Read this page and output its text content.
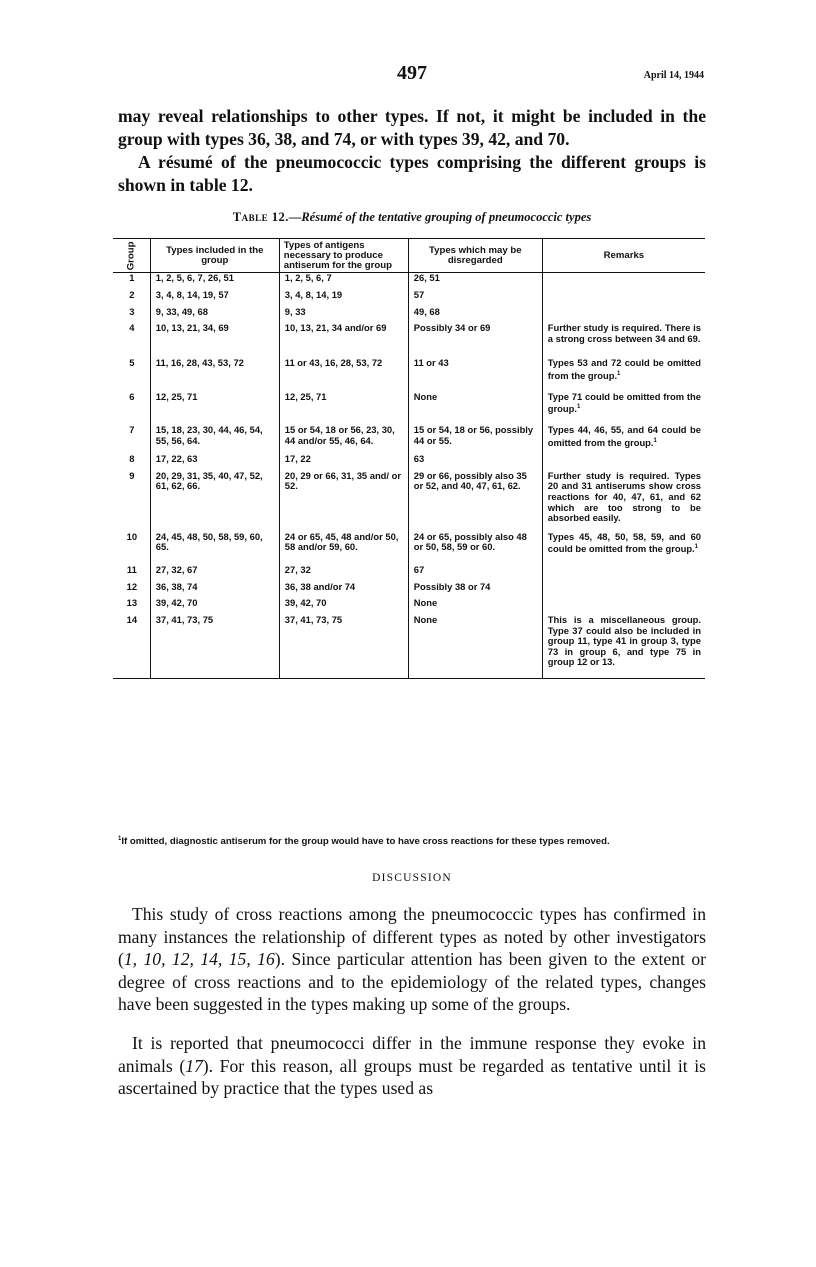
497	April 14, 1944

may reveal relationships to other types. If not, it might be included in the group with types 36, 38, and 74, or with types 39, 42, and 70.

A résumé of the pneumococcic types comprising the different groups is shown in table 12.

Table 12.—Résumé of the tentative grouping of pneumococcic types
Group	Types included in the group	Types of antigens necessary to produce antiserum for the group	Types which may be disregarded	Remarks
1	1, 2, 5, 6, 7, 26, 51	1, 2, 5, 6, 7	26, 51	
2	3, 4, 8, 14, 19, 57	3, 4, 8, 14, 19	57	
3	9, 33, 49, 68	9, 33	49, 68	
4	10, 13, 21, 34, 69	10, 13, 21, 34 and/or 69	Possibly 34 or 69	Further study is required. There is a strong cross between 34 and 69.
5	11, 16, 28, 43, 53, 72	11 or 43, 16, 28, 53, 72	11 or 43	Types 53 and 72 could be omitted from the group.$^1$
6	12, 25, 71	12, 25, 71	None	Type 71 could be omitted from the group.$^1$
7	15, 18, 23, 30, 44, 46, 54, 55, 56, 64.	15 or 54, 18 or 56, 23, 30, 44 and/or 55, 46, 64.	15 or 54, 18 or 56, possibly 44 or 55.	Types 44, 46, 55, and 64 could be omitted from the group.$^1$
8	17, 22, 63	17, 22	63	
9	20, 29, 31, 35, 40, 47, 52, 61, 62, 66.	20, 29 or 66, 31, 35 and/ or 52.	29 or 66, possibly also 35 or 52, and 40, 47, 61, 62.	Further study is required. Types 20 and 31 antiserums show cross reactions for 40, 47, 61, and 62 which are too strong to be absorbed easily.
10	24, 45, 48, 50, 58, 59, 60, 65.	24 or 65, 45, 48 and/or 50, 58 and/or 59, 60.	24 or 65, possibly also 48 or 50, 58, 59 or 60.	Types 45, 48, 50, 58, 59, and 60 could be omitted from the group.$^1$
11	27, 32, 67	27, 32	67	
12	36, 38, 74	36, 38 and/or 74	Possibly 38 or 74	
13	39, 42, 70	39, 42, 70	None	
14	37, 41, 73, 75	37, 41, 73, 75	None	This is a miscellaneous group. Type 37 could also be included in group 11, type 41 in group 3, type 73 in group 6, and type 75 in group 12 or 13.
$^1$If omitted, diagnostic antiserum for the group would have to have cross reactions for these types removed.
DISCUSSION

This study of cross reactions among the pneumococcic types has confirmed in many instances the relationship of different types as noted by other investigators (1, 10, 12, 14, 15, 16). Since particular attention has been given to the extent or degree of cross reactions and to the epidemiology of the related types, changes have been suggested in the types making up some of the groups.

It is reported that pneumococci differ in the immune response they evoke in animals (17). For this reason, all groups must be regarded as tentative until it is ascertained by practice that the types used as
